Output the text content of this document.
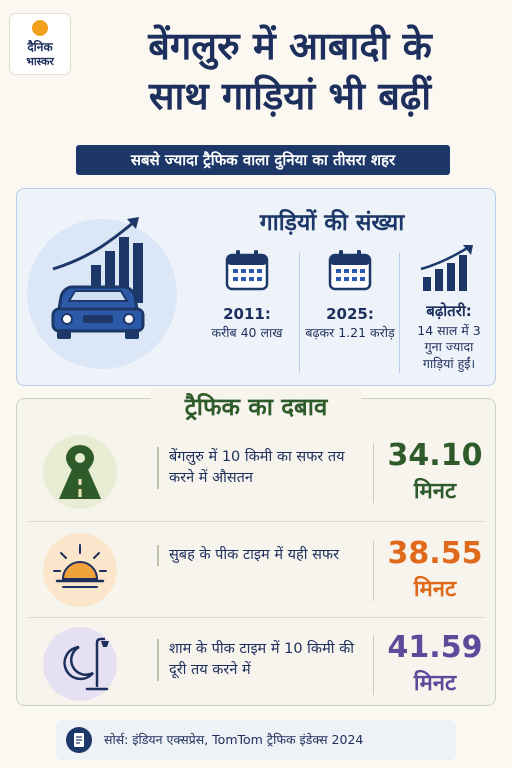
दैनिक
भास्कर	बेंगलुरु में आबादी के
साथ गाड़ियां भी बढ़ीं
सबसे ज्यादा ट्रैफिक वाला दुनिया का तीसरा शहर
गाड़ियों की संख्या
2011:
करीब 40 लाख
2025:
बढ़कर 1.21 करोड़
बढ़ोतरी:
14 साल में 3 गुना ज्यादा गाड़ियां हुईं।
ट्रैफिक का दबाव
बेंगलुरु में 10 किमी का सफर तय करने में औसतन
34.10
मिनट
सुबह के पीक टाइम में यही सफर	38.55
मिनट
शाम के पीक टाइम में 10 किमी की दूरी तय करने में
41.59
मिनट
सोर्स: इंडियन एक्सप्रेस, TomTom ट्रैफिक इंडेक्स 2024
